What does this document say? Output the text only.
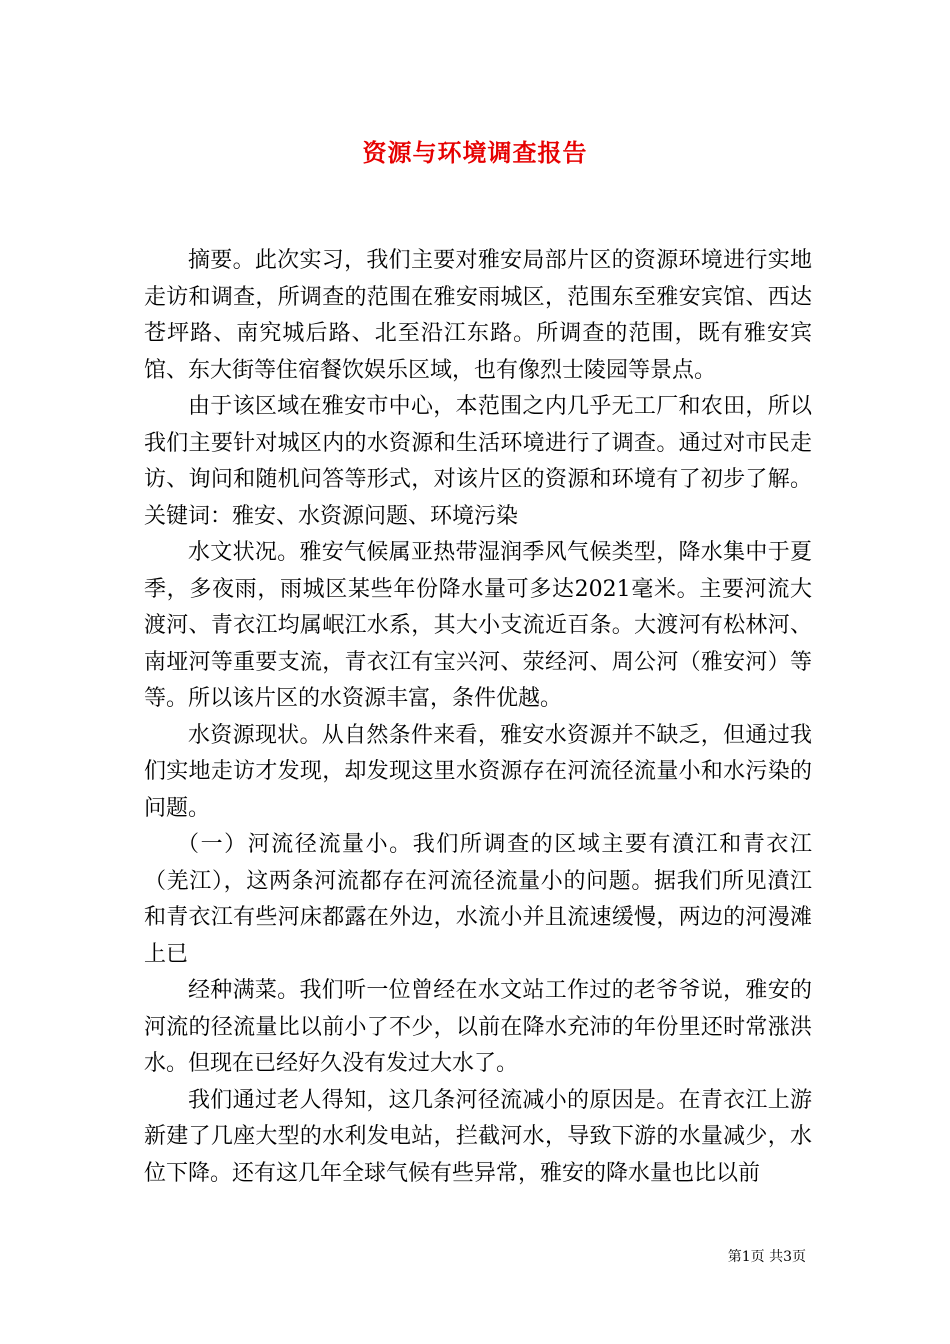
资源与环境调查报告

摘要。此次实习，我们主要对雅安局部片区的资源环境进行实地走访和调查，所调查的范围在雅安雨城区，范围东至雅安宾馆、西达苍坪路、南究城后路、北至沿江东路。所调查的范围，既有雅安宾馆、东大街等住宿餐饮娱乐区域，也有像烈士陵园等景点。

由于该区域在雅安市中心，本范围之内几乎无工厂和农田，所以我们主要针对城区内的水资源和生活环境进行了调查。通过对市民走访、询问和随机问答等形式，对该片区的资源和环境有了初步了解。关键词：雅安、水资源问题、环境污染

水文状况。雅安气候属亚热带湿润季风气候类型，降水集中于夏季，多夜雨，雨城区某些年份降水量可多达2021毫米。主要河流大渡河、青衣江均属岷江水系，其大小支流近百条。大渡河有松林河、南垭河等重要支流，青衣江有宝兴河、荥经河、周公河（雅安河）等等。所以该片区的水资源丰富，条件优越。

水资源现状。从自然条件来看，雅安水资源并不缺乏，但通过我们实地走访才发现，却发现这里水资源存在河流径流量小和水污染的问题。

（一）河流径流量小。我们所调查的区域主要有濆江和青衣江（羌江），这两条河流都存在河流径流量小的问题。据我们所见濆江和青衣江有些河床都露在外边，水流小并且流速缓慢，两边的河漫滩上已

经种满菜。我们听一位曾经在水文站工作过的老爷爷说，雅安的河流的径流量比以前小了不少，以前在降水充沛的年份里还时常涨洪水。但现在已经好久没有发过大水了。

我们通过老人得知，这几条河径流减小的原因是。在青衣江上游新建了几座大型的水利发电站，拦截河水，导致下游的水量减少，水位下降。还有这几年全球气候有些异常，雅安的降水量也比以前

第1页 共3页
